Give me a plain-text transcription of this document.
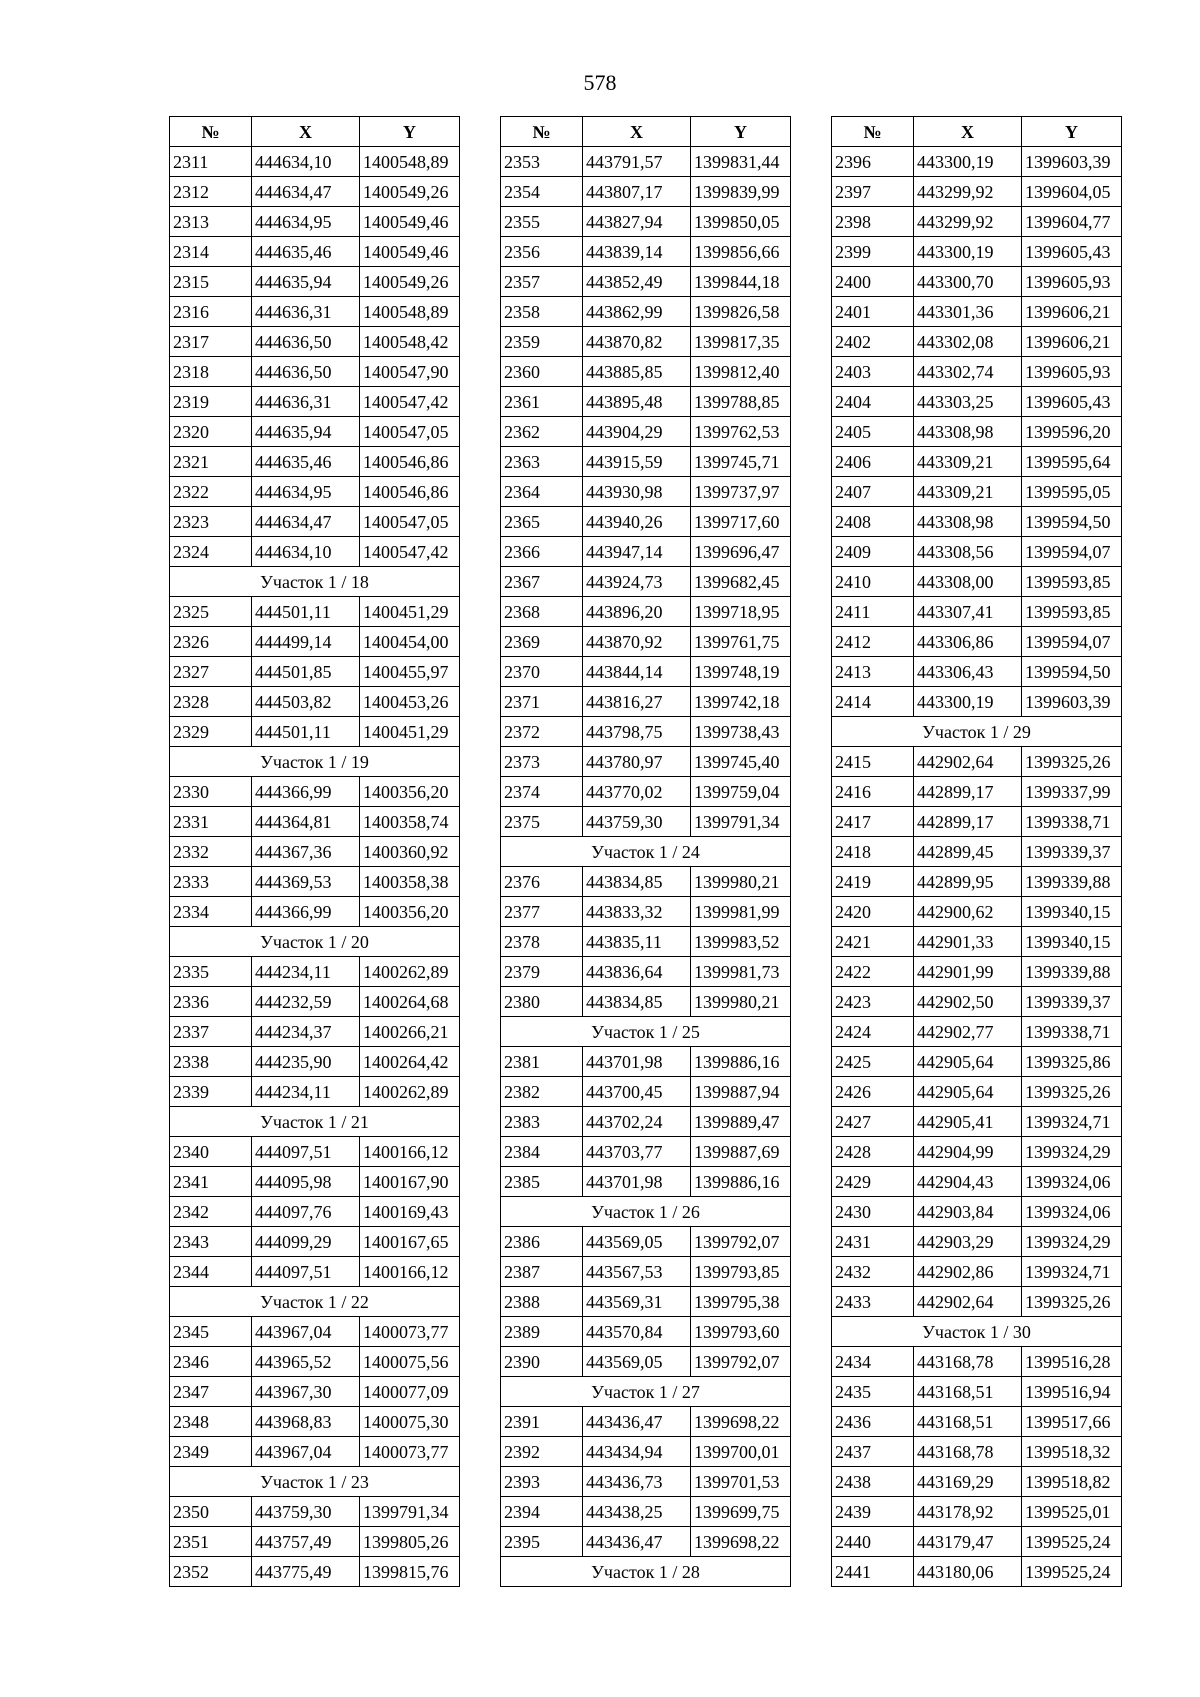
578
№	X	Y
2311	444634,10	1400548,89
2312	444634,47	1400549,26
2313	444634,95	1400549,46
2314	444635,46	1400549,46
2315	444635,94	1400549,26
2316	444636,31	1400548,89
2317	444636,50	1400548,42
2318	444636,50	1400547,90
2319	444636,31	1400547,42
2320	444635,94	1400547,05
2321	444635,46	1400546,86
2322	444634,95	1400546,86
2323	444634,47	1400547,05
2324	444634,10	1400547,42
Участок 1 / 18		
2325	444501,11	1400451,29
2326	444499,14	1400454,00
2327	444501,85	1400455,97
2328	444503,82	1400453,26
2329	444501,11	1400451,29
Участок 1 / 19		
2330	444366,99	1400356,20
2331	444364,81	1400358,74
2332	444367,36	1400360,92
2333	444369,53	1400358,38
2334	444366,99	1400356,20
Участок 1 / 20		
2335	444234,11	1400262,89
2336	444232,59	1400264,68
2337	444234,37	1400266,21
2338	444235,90	1400264,42
2339	444234,11	1400262,89
Участок 1 / 21		
2340	444097,51	1400166,12
2341	444095,98	1400167,90
2342	444097,76	1400169,43
2343	444099,29	1400167,65
2344	444097,51	1400166,12
Участок 1 / 22		
2345	443967,04	1400073,77
2346	443965,52	1400075,56
2347	443967,30	1400077,09
2348	443968,83	1400075,30
2349	443967,04	1400073,77
Участок 1 / 23		
2350	443759,30	1399791,34
2351	443757,49	1399805,26
2352	443775,49	1399815,76
№	X	Y
2353	443791,57	1399831,44
2354	443807,17	1399839,99
2355	443827,94	1399850,05
2356	443839,14	1399856,66
2357	443852,49	1399844,18
2358	443862,99	1399826,58
2359	443870,82	1399817,35
2360	443885,85	1399812,40
2361	443895,48	1399788,85
2362	443904,29	1399762,53
2363	443915,59	1399745,71
2364	443930,98	1399737,97
2365	443940,26	1399717,60
2366	443947,14	1399696,47
2367	443924,73	1399682,45
2368	443896,20	1399718,95
2369	443870,92	1399761,75
2370	443844,14	1399748,19
2371	443816,27	1399742,18
2372	443798,75	1399738,43
2373	443780,97	1399745,40
2374	443770,02	1399759,04
2375	443759,30	1399791,34
Участок 1 / 24		
2376	443834,85	1399980,21
2377	443833,32	1399981,99
2378	443835,11	1399983,52
2379	443836,64	1399981,73
2380	443834,85	1399980,21
Участок 1 / 25		
2381	443701,98	1399886,16
2382	443700,45	1399887,94
2383	443702,24	1399889,47
2384	443703,77	1399887,69
2385	443701,98	1399886,16
Участок 1 / 26		
2386	443569,05	1399792,07
2387	443567,53	1399793,85
2388	443569,31	1399795,38
2389	443570,84	1399793,60
2390	443569,05	1399792,07
Участок 1 / 27		
2391	443436,47	1399698,22
2392	443434,94	1399700,01
2393	443436,73	1399701,53
2394	443438,25	1399699,75
2395	443436,47	1399698,22
Участок 1 / 28		
№	X	Y
2396	443300,19	1399603,39
2397	443299,92	1399604,05
2398	443299,92	1399604,77
2399	443300,19	1399605,43
2400	443300,70	1399605,93
2401	443301,36	1399606,21
2402	443302,08	1399606,21
2403	443302,74	1399605,93
2404	443303,25	1399605,43
2405	443308,98	1399596,20
2406	443309,21	1399595,64
2407	443309,21	1399595,05
2408	443308,98	1399594,50
2409	443308,56	1399594,07
2410	443308,00	1399593,85
2411	443307,41	1399593,85
2412	443306,86	1399594,07
2413	443306,43	1399594,50
2414	443300,19	1399603,39
Участок 1 / 29		
2415	442902,64	1399325,26
2416	442899,17	1399337,99
2417	442899,17	1399338,71
2418	442899,45	1399339,37
2419	442899,95	1399339,88
2420	442900,62	1399340,15
2421	442901,33	1399340,15
2422	442901,99	1399339,88
2423	442902,50	1399339,37
2424	442902,77	1399338,71
2425	442905,64	1399325,86
2426	442905,64	1399325,26
2427	442905,41	1399324,71
2428	442904,99	1399324,29
2429	442904,43	1399324,06
2430	442903,84	1399324,06
2431	442903,29	1399324,29
2432	442902,86	1399324,71
2433	442902,64	1399325,26
Участок 1 / 30		
2434	443168,78	1399516,28
2435	443168,51	1399516,94
2436	443168,51	1399517,66
2437	443168,78	1399518,32
2438	443169,29	1399518,82
2439	443178,92	1399525,01
2440	443179,47	1399525,24
2441	443180,06	1399525,24
